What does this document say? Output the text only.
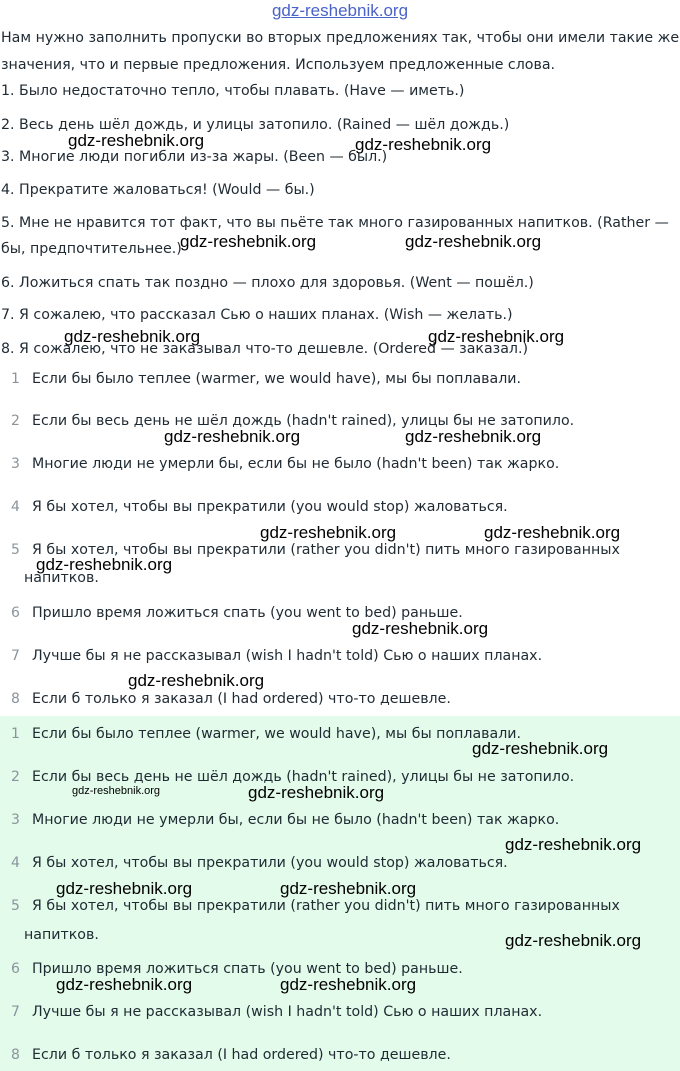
gdz-reshebnik.org
Нам нужно заполнить пропуски во вторых предложениях так, чтобы они имели такие же
значения, что и первые предложения. Используем предложенные слова.
1. Было недостаточно тепло, чтобы плавать. (Have — иметь.)
2. Весь день шёл дождь, и улицы затопило. (Rained — шёл дождь.)
3. Многие люди погибли из-за жары. (Been — был.)
4. Прекратите жаловаться! (Would — бы.)
5. Мне не нравится тот факт, что вы пьёте так много газированных напитков. (Rather —
бы, предпочтительнее.)
6. Ложиться спать так поздно — плохо для здоровья. (Went — пошёл.)
7. Я сожалею, что рассказал Сью о наших планах. (Wish — желать.)
8. Я сожалею, что не заказывал что-то дешевле. (Ordered — заказал.)
1 Если бы было теплее (warmer, we would have), мы бы поплавали.
2 Если бы весь день не шёл дождь (hadn't rained), улицы бы не затопило.
3 Многие люди не умерли бы, если бы не было (hadn't been) так жарко.
4 Я бы хотел, чтобы вы прекратили (you would stop) жаловаться.
5 Я бы хотел, чтобы вы прекратили (rather you didn't) пить много газированных
напитков.
6 Пришло время ложиться спать (you went to bed) раньше.
7 Лучше бы я не рассказывал (wish I hadn't told) Сью о наших планах.
8 Если б только я заказал (I had ordered) что-то дешевле.
1 Если бы было теплее (warmer, we would have), мы бы поплавали.
2 Если бы весь день не шёл дождь (hadn't rained), улицы бы не затопило.
3 Многие люди не умерли бы, если бы не было (hadn't been) так жарко.
4 Я бы хотел, чтобы вы прекратили (you would stop) жаловаться.
5 Я бы хотел, чтобы вы прекратили (rather you didn't) пить много газированных
напитков.
6 Пришло время ложиться спать (you went to bed) раньше.
7 Лучше бы я не рассказывал (wish I hadn't told) Сью о наших планах.
8 Если б только я заказал (I had ordered) что-то дешевле.
gdz-reshebnik.org	gdz-reshebnik.org
gdz-reshebnik.org	gdz-reshebnik.org
gdz-reshebnik.org	gdz-reshebnik.org
gdz-reshebnik.org	gdz-reshebnik.org
gdz-reshebnik.org	gdz-reshebnik.org
gdz-reshebnik.org
gdz-reshebnik.org
gdz-reshebnik.org
gdz-reshebnik.org
gdz-reshebnik.org	gdz-reshebnik.org
gdz-reshebnik.org
gdz-reshebnik.org	gdz-reshebnik.org
gdz-reshebnik.org
gdz-reshebnik.org	gdz-reshebnik.org
